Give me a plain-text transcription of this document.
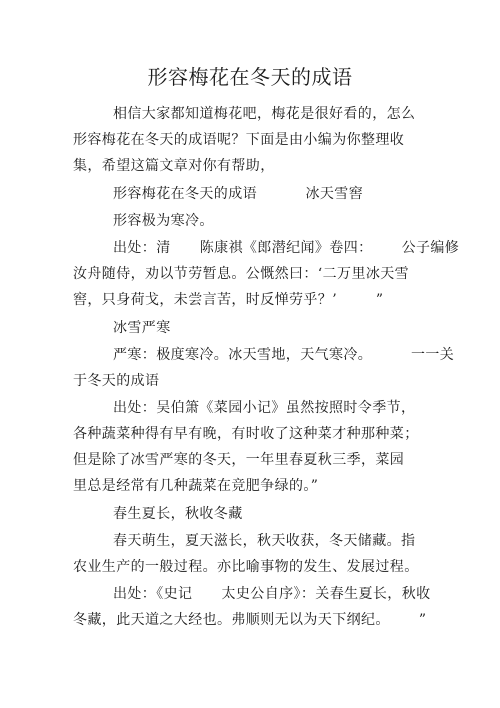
形容梅花在冬天的成语
相信大家都知道梅花吧，梅花是很好看的，怎么
形容梅花在冬天的成语呢？下面是由小编为你整理收
集，希望这篇文章对你有帮助，
形容梅花在冬天的成语          冰天雪窖
形容极为寒冷。
出处：清      陈康祺《郎潜纪闻》卷四：      公子编修
汝舟随侍，劝以节劳暂息。公慨然曰：‘二万里冰天雪
窖，只身荷戈，未尝言苦，时反惮劳乎？’        ”
冰雪严寒
严寒：极度寒冷。冰天雪地，天气寒冷。        一一关
于冬天的成语
出处：吴伯箫《菜园小记》虽然按照时令季节，
各种蔬菜种得有早有晚，有时收了这种菜才种那种菜；
但是除了冰雪严寒的冬天，一年里春夏秋三季，菜园
里总是经常有几种蔬菜在竞肥争绿的。”
春生夏长，秋收冬藏
春天萌生，夏天滋长，秋天收获，冬天储藏。指
农业生产的一般过程。亦比喻事物的发生、发展过程。
出处：《史记      太史公自序》：关春生夏长，秋收
冬藏，此天道之大经也。弗顺则无以为天下纲纪。      ”
